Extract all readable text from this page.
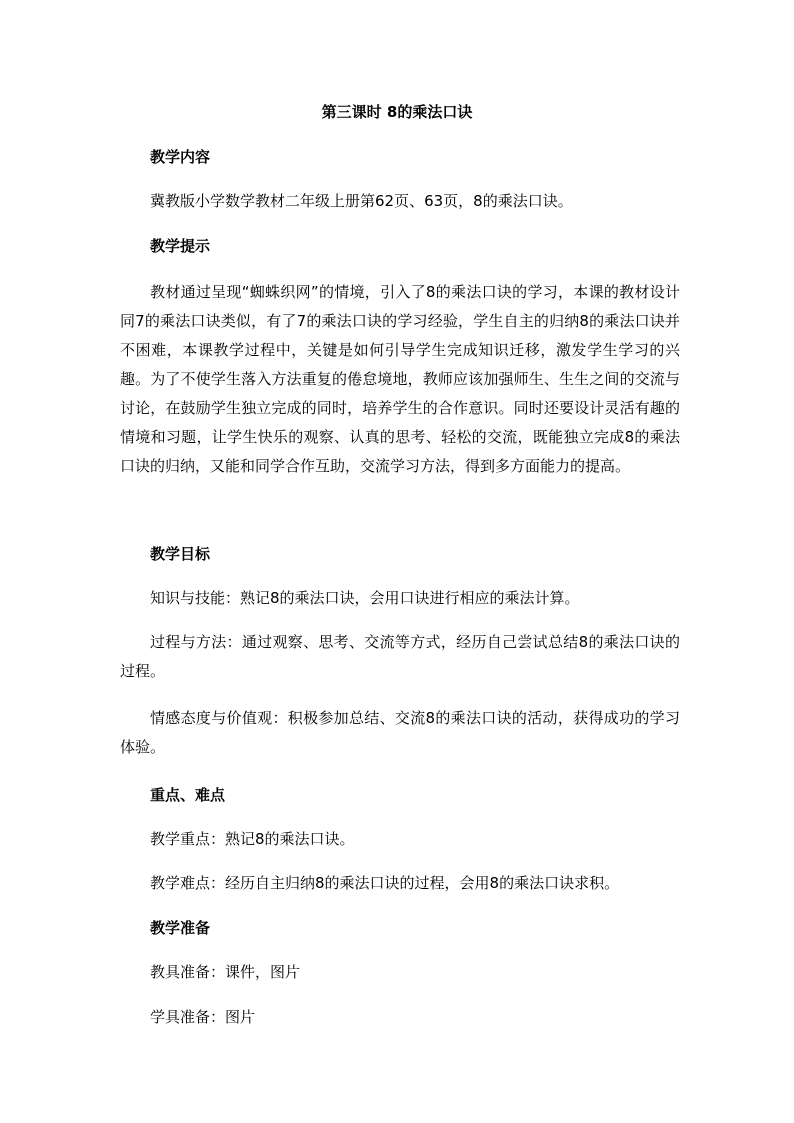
第三课时 8的乘法口诀
教学内容
冀教版小学数学教材二年级上册第62页、63页，8的乘法口诀。
教学提示
教材通过呈现“蜘蛛织网”的情境，引入了8的乘法口诀的学习，本课的教材设计同7的乘法口诀类似，有了7的乘法口诀的学习经验，学生自主的归纳8的乘法口诀并不困难，本课教学过程中，关键是如何引导学生完成知识迁移，激发学生学习的兴趣。为了不使学生落入方法重复的倦怠境地，教师应该加强师生、生生之间的交流与讨论，在鼓励学生独立完成的同时，培养学生的合作意识。同时还要设计灵活有趣的情境和习题，让学生快乐的观察、认真的思考、轻松的交流，既能独立完成8的乘法口诀的归纳，又能和同学合作互助，交流学习方法，得到多方面能力的提高。
教学目标
知识与技能：熟记8的乘法口诀，会用口诀进行相应的乘法计算。
过程与方法：通过观察、思考、交流等方式，经历自己尝试总结8的乘法口诀的过程。
情感态度与价值观：积极参加总结、交流8的乘法口诀的活动，获得成功的学习体验。
重点、难点
教学重点：熟记8的乘法口诀。
教学难点：经历自主归纳8的乘法口诀的过程，会用8的乘法口诀求积。
教学准备
教具准备：课件，图片
学具准备：图片
